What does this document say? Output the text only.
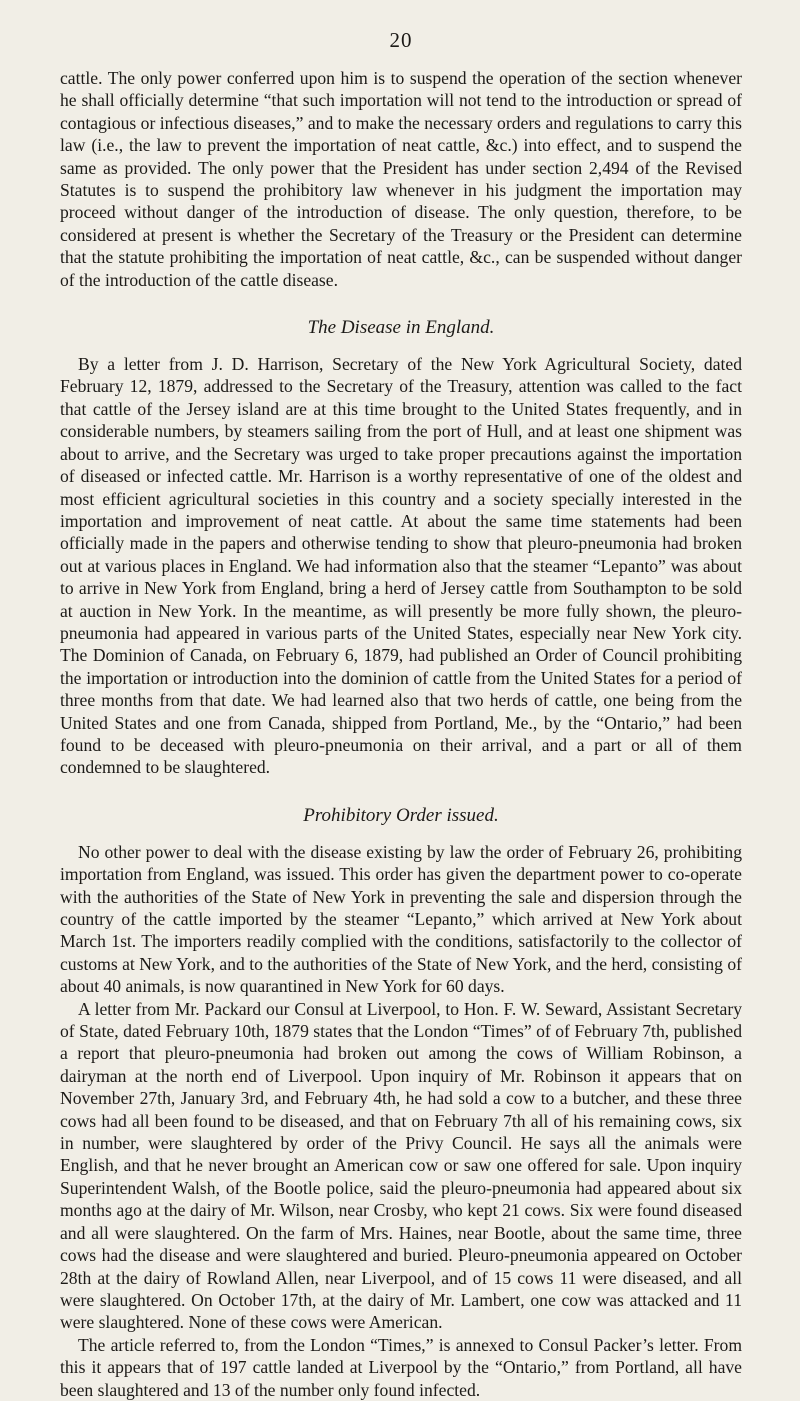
20

cattle. The only power conferred upon him is to suspend the operation of the section whenever he shall officially determine “that such importation will not tend to the introduction or spread of contagious or infectious diseases,” and to make the necessary orders and regulations to carry this law (i.e., the law to prevent the importation of neat cattle, &c.) into effect, and to suspend the same as provided. The only power that the President has under section 2,494 of the Revised Statutes is to suspend the prohibitory law whenever in his judgment the importation may proceed without danger of the introduction of disease. The only question, therefore, to be considered at present is whether the Secretary of the Treasury or the President can determine that the statute prohibiting the importation of neat cattle, &c., can be suspended without danger of the introduction of the cattle disease.

The Disease in England.

By a letter from J. D. Harrison, Secretary of the New York Agricultural Society, dated February 12, 1879, addressed to the Secretary of the Treasury, attention was called to the fact that cattle of the Jersey island are at this time brought to the United States frequently, and in considerable numbers, by steamers sailing from the port of Hull, and at least one shipment was about to arrive, and the Secretary was urged to take proper precautions against the importation of diseased or infected cattle. Mr. Harrison is a worthy representative of one of the oldest and most efficient agricultural societies in this country and a society specially interested in the importation and improvement of neat cattle. At about the same time statements had been officially made in the papers and otherwise tending to show that pleuro-pneumonia had broken out at various places in England. We had information also that the steamer “Lepanto” was about to arrive in New York from England, bring a herd of Jersey cattle from Southampton to be sold at auction in New York. In the meantime, as will presently be more fully shown, the pleuro-pneumonia had appeared in various parts of the United States, especially near New York city. The Dominion of Canada, on February 6, 1879, had published an Order of Council prohibiting the importation or introduction into the dominion of cattle from the United States for a period of three months from that date. We had learned also that two herds of cattle, one being from the United States and one from Canada, shipped from Portland, Me., by the “Ontario,” had been found to be deceased with pleuro-pneumonia on their arrival, and a part or all of them condemned to be slaughtered.

Prohibitory Order issued.

No other power to deal with the disease existing by law the order of February 26, prohibiting importation from England, was issued. This order has given the department power to co-operate with the authorities of the State of New York in preventing the sale and dispersion through the country of the cattle imported by the steamer “Lepanto,” which arrived at New York about March 1st. The importers readily complied with the conditions, satisfactorily to the collector of customs at New York, and to the authorities of the State of New York, and the herd, consisting of about 40 animals, is now quarantined in New York for 60 days.

A letter from Mr. Packard our Consul at Liverpool, to Hon. F. W. Seward, Assistant Secretary of State, dated February 10th, 1879 states that the London “Times” of of February 7th, published a report that pleuro-pneumonia had broken out among the cows of William Robinson, a dairyman at the north end of Liverpool. Upon inquiry of Mr. Robinson it appears that on November 27th, January 3rd, and February 4th, he had sold a cow to a butcher, and these three cows had all been found to be diseased, and that on February 7th all of his remaining cows, six in number, were slaughtered by order of the Privy Council. He says all the animals were English, and that he never brought an American cow or saw one offered for sale. Upon inquiry Superintendent Walsh, of the Bootle police, said the pleuro-pneumonia had appeared about six months ago at the dairy of Mr. Wilson, near Crosby, who kept 21 cows. Six were found diseased and all were slaughtered. On the farm of Mrs. Haines, near Bootle, about the same time, three cows had the disease and were slaughtered and buried. Pleuro-pneumonia appeared on October 28th at the dairy of Rowland Allen, near Liverpool, and of 15 cows 11 were diseased, and all were slaughtered. On October 17th, at the dairy of Mr. Lambert, one cow was attacked and 11 were slaughtered. None of these cows were American.

The article referred to, from the London “Times,” is annexed to Consul Packer’s letter. From this it appears that of 197 cattle landed at Liverpool by the “Ontario,” from Portland, all have been slaughtered and 13 of the number only found infected.
